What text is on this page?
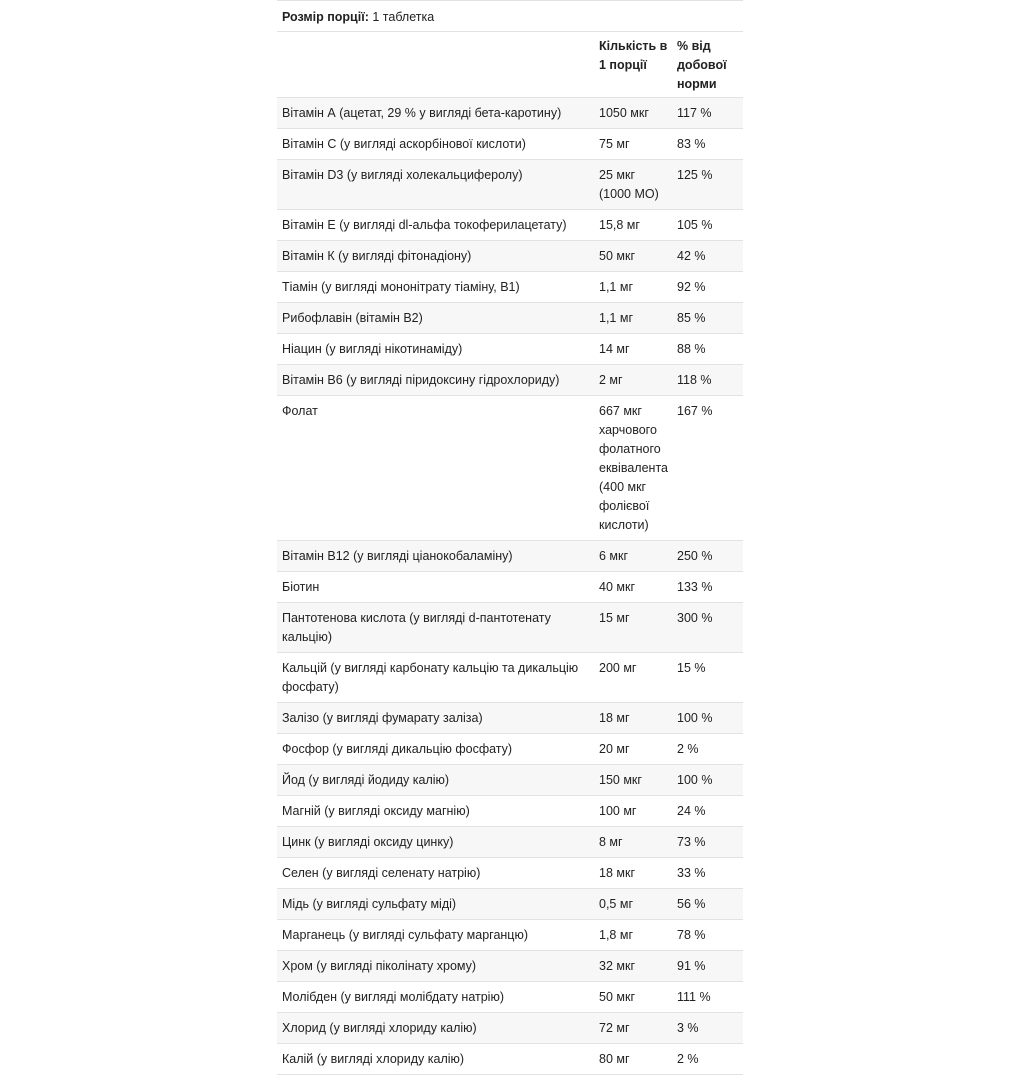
Розмір порції: 1 таблетка
	Кількість в 1 порції	% від добової норми
Вітамін А (ацетат, 29 % у вигляді бета-каротину)	1050 мкг	117 %
Вітамін С (у вигляді аскорбінової кислоти)	75 мг	83 %
Вітамін D3 (у вигляді холекальциферолу)	25 мкг (1000 МО)	125 %
Вітамін Е (у вигляді dl-альфа токоферилацетату)	15,8 мг	105 %
Вітамін К (у вигляді фітонадіону)	50 мкг	42 %
Тіамін (у вигляді мононітрату тіаміну, В1)	1,1 мг	92 %
Рибофлавін (вітамін В2)	1,1 мг	85 %
Ніацин (у вигляді нікотинаміду)	14 мг	88 %
Вітамін В6 (у вигляді піридоксину гідрохлориду)	2 мг	118 %
Фолат	667 мкг харчового фолатного еквівалента (400 мкг фолієвої кислоти)	167 %
Вітамін В12 (у вигляді ціанокобаламіну)	6 мкг	250 %
Біотин	40 мкг	133 %
Пантотенова кислота (у вигляді d-пантотенату кальцію)	15 мг	300 %
Кальцій (у вигляді карбонату кальцію та дикальцію фосфату)	200 мг	15 %
Залізо (у вигляді фумарату заліза)	18 мг	100 %
Фосфор (у вигляді дикальцію фосфату)	20 мг	2 %
Йод (у вигляді йодиду калію)	150 мкг	100 %
Магній (у вигляді оксиду магнію)	100 мг	24 %
Цинк (у вигляді оксиду цинку)	8 мг	73 %
Селен (у вигляді селенату натрію)	18 мкг	33 %
Мідь (у вигляді сульфату міді)	0,5 мг	56 %
Марганець (у вигляді сульфату марганцю)	1,8 мг	78 %
Хром (у вигляді піколінату хрому)	32 мкг	91 %
Молібден (у вигляді молібдату натрію)	50 мкг	111 %
Хлорид (у вигляді хлориду калію)	72 мг	3 %
Калій (у вигляді хлориду калію)	80 мг	2 %
